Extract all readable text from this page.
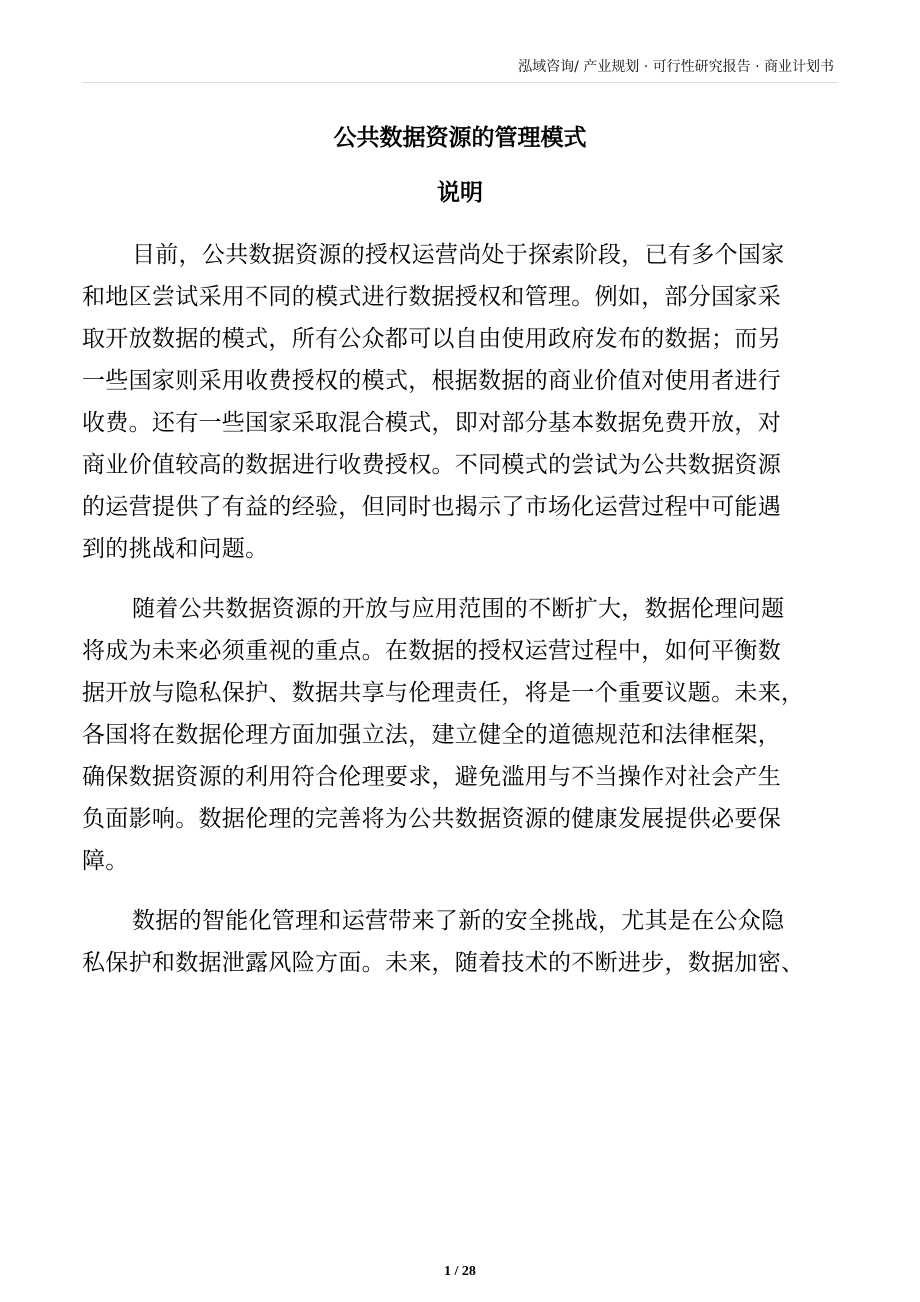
泓域咨询/ 产业规划 · 可行性研究报告 · 商业计划书
公共数据资源的管理模式
说明
目前，公共数据资源的授权运营尚处于探索阶段，已有多个国家
和地区尝试采用不同的模式进行数据授权和管理。例如，部分国家采
取开放数据的模式，所有公众都可以自由使用政府发布的数据；而另
一些国家则采用收费授权的模式，根据数据的商业价值对使用者进行
收费。还有一些国家采取混合模式，即对部分基本数据免费开放，对
商业价值较高的数据进行收费授权。不同模式的尝试为公共数据资源
的运营提供了有益的经验，但同时也揭示了市场化运营过程中可能遇
到的挑战和问题。
随着公共数据资源的开放与应用范围的不断扩大，数据伦理问题
将成为未来必须重视的重点。在数据的授权运营过程中，如何平衡数
据开放与隐私保护、数据共享与伦理责任，将是一个重要议题。未来，
各国将在数据伦理方面加强立法，建立健全的道德规范和法律框架，
确保数据资源的利用符合伦理要求，避免滥用与不当操作对社会产生
负面影响。数据伦理的完善将为公共数据资源的健康发展提供必要保
障。
数据的智能化管理和运营带来了新的安全挑战，尤其是在公众隐
私保护和数据泄露风险方面。未来，随着技术的不断进步，数据加密、
1 / 28
